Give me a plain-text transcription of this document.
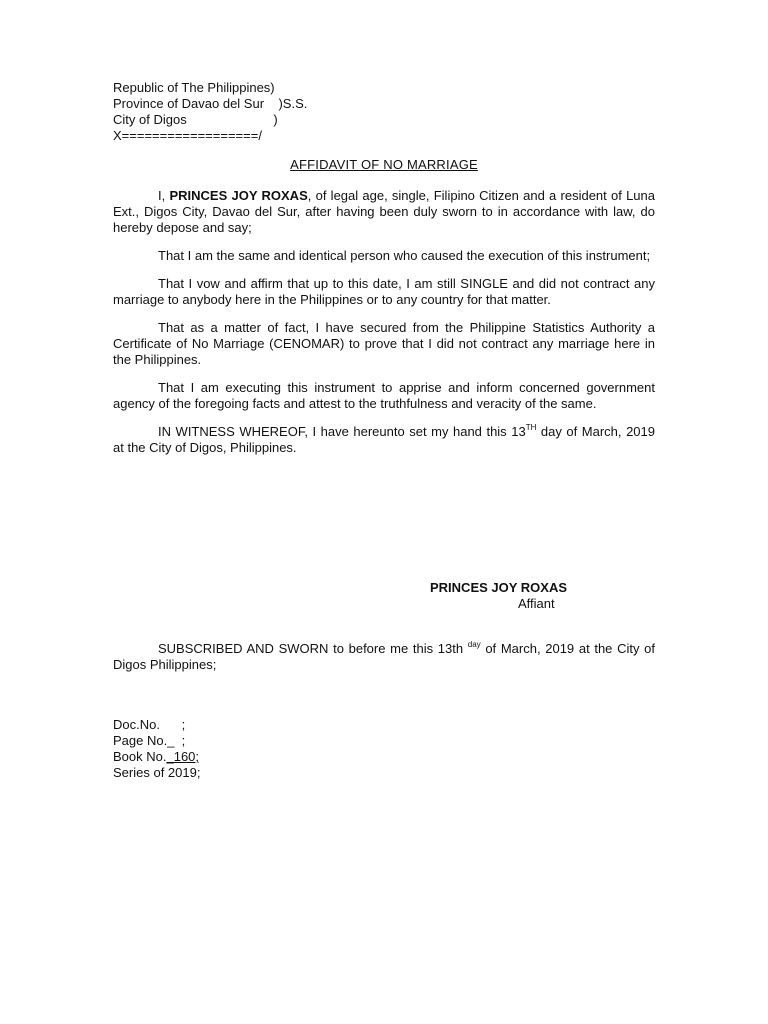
Republic of The Philippines)
Province of Davao del Sur    )S.S.
City of Digos                        )
X==================/
AFFIDAVIT OF NO MARRIAGE

I, PRINCES JOY ROXAS, of legal age, single, Filipino Citizen and a resident of Luna Ext., Digos City, Davao del Sur, after having been duly sworn to in accordance with law, do hereby depose and say;

That I am the same and identical person who caused the execution of this instrument;

That I vow and affirm that up to this date, I am still SINGLE and did not contract any marriage to anybody here in the Philippines or to any country for that matter.

That as a matter of fact, I have secured from the Philippine Statistics Authority a Certificate of No Marriage (CENOMAR) to prove that I did not contract any marriage here in the Philippines.

That I am executing this instrument to apprise and inform concerned government agency of the foregoing facts and attest to the truthfulness and veracity of the same.

IN WITNESS WHEREOF, I have hereunto set my hand this 13TH day of March, 2019 at the City of Digos, Philippines.

PRINCES JOY ROXAS
Affiant

SUBSCRIBED AND SWORN to before me this 13th $^{day}$ of March, 2019 at the City of Digos Philippines;

Doc.No.      ;
Page No._  ;
Book No._160;
Series of 2019;
